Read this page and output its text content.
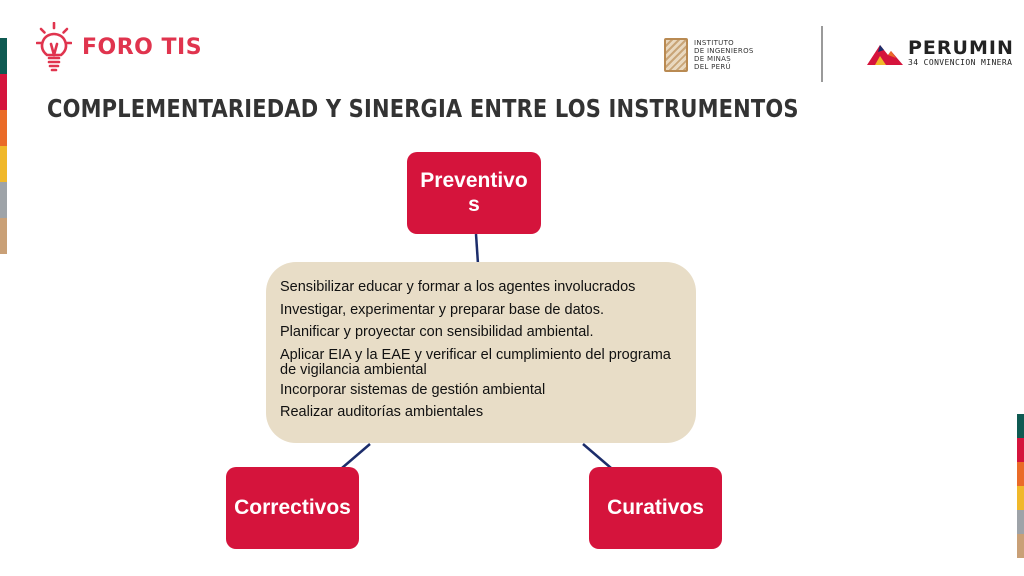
FORO TIS	INSTITUTO
DE INGENIEROS
DE MINAS
DEL PERÚ
PERUMIN
34 CONVENCION MINERA
COMPLEMENTARIEDAD Y SINERGIA ENTRE LOS INSTRUMENTOS
Preventivos
Sensibilizar educar y formar a los agentes involucrados
Investigar, experimentar y preparar base de datos.
Planificar y proyectar con sensibilidad ambiental.
Aplicar EIA y la EAE y verificar el cumplimiento del programa de vigilancia ambiental
Incorporar sistemas de gestión ambiental
Realizar auditorías ambientales
Correctivos	Curativos
